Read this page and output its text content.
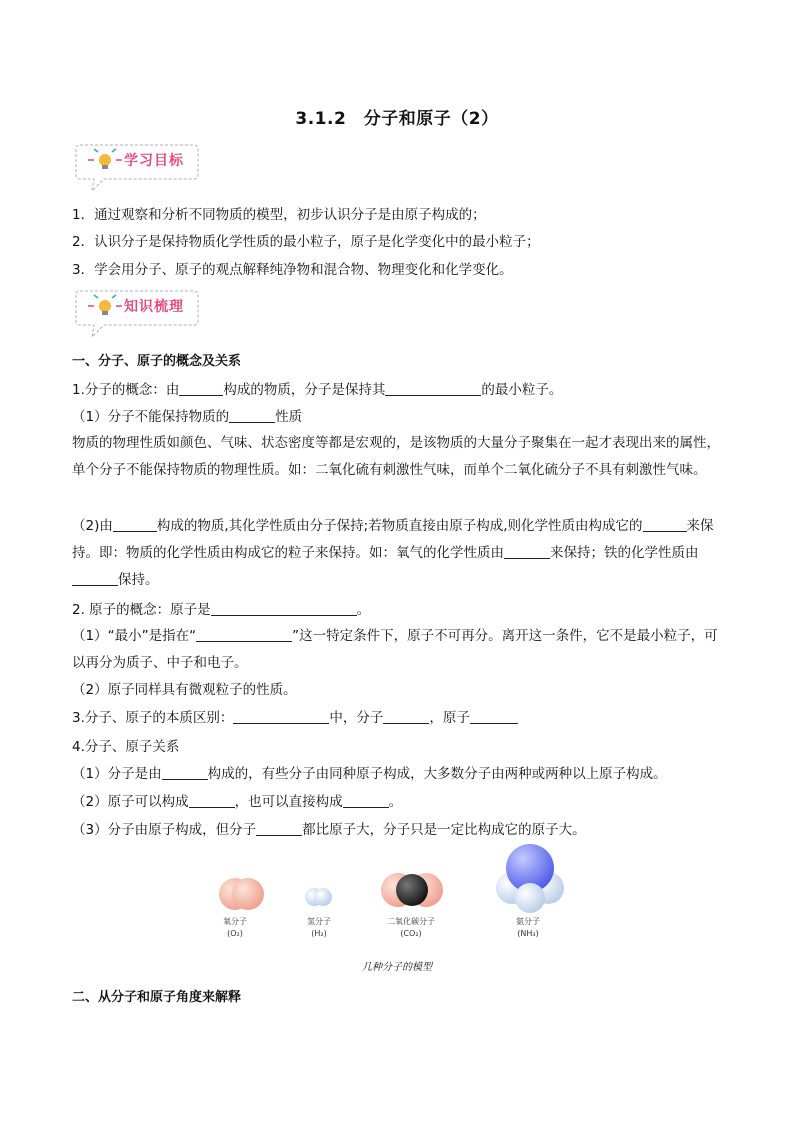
3.1.2　分子和原子（2）
学习目标
1．通过观察和分析不同物质的模型，初步认识分子是由原子构成的；
2．认识分子是保持物质化学性质的最小粒子，原子是化学变化中的最小粒子；
3．学会用分子、原子的观点解释纯净物和混合物、物理变化和化学变化。
知识梳理
一、分子、原子的概念及关系
1.分子的概念：由	构成的物质，分子是保持其	的最小粒子。
（1）分子不能保持物质的	性质
物质的物理性质如颜色、气味、状态密度等都是宏观的，是该物质的大量分子聚集在一起才表现出来的属性，单个分子不能保持物质的物理性质。如：二氧化硫有刺激性气味，而单个二氧化硫分子不具有刺激性气味。
（2)由	构成的物质,其化学性质由分子保持;若物质直接由原子构成,则化学性质由构成它的	来保持。即：物质的化学性质由构成它的粒子来保持。如：氧气的化学性质由	来保持；铁的化学性质由保持。
2. 原子的概念：原子是	。
（1）“最小”是指在“	”这一特定条件下，原子不可再分。离开这一条件，它不是最小粒子，可以再分为质子、中子和电子。
（2）原子同样具有微观粒子的性质。
3.分子、原子的本质区别：	中，分子	，原子
4.分子、原子关系
（1）分子是由	构成的，有些分子由同种原子构成，大多数分子由两种或两种以上原子构成。
（2）原子可以构成	，也可以直接构成	。
（3）分子由原子构成，但分子	都比原子大，分子只是一定比构成它的原子大。
氧分子
(O₂)
氢分子
(H₂)
二氧化碳分子
(CO₂)
氨分子
(NH₃)
几种分子的模型
二、从分子和原子角度来解释
